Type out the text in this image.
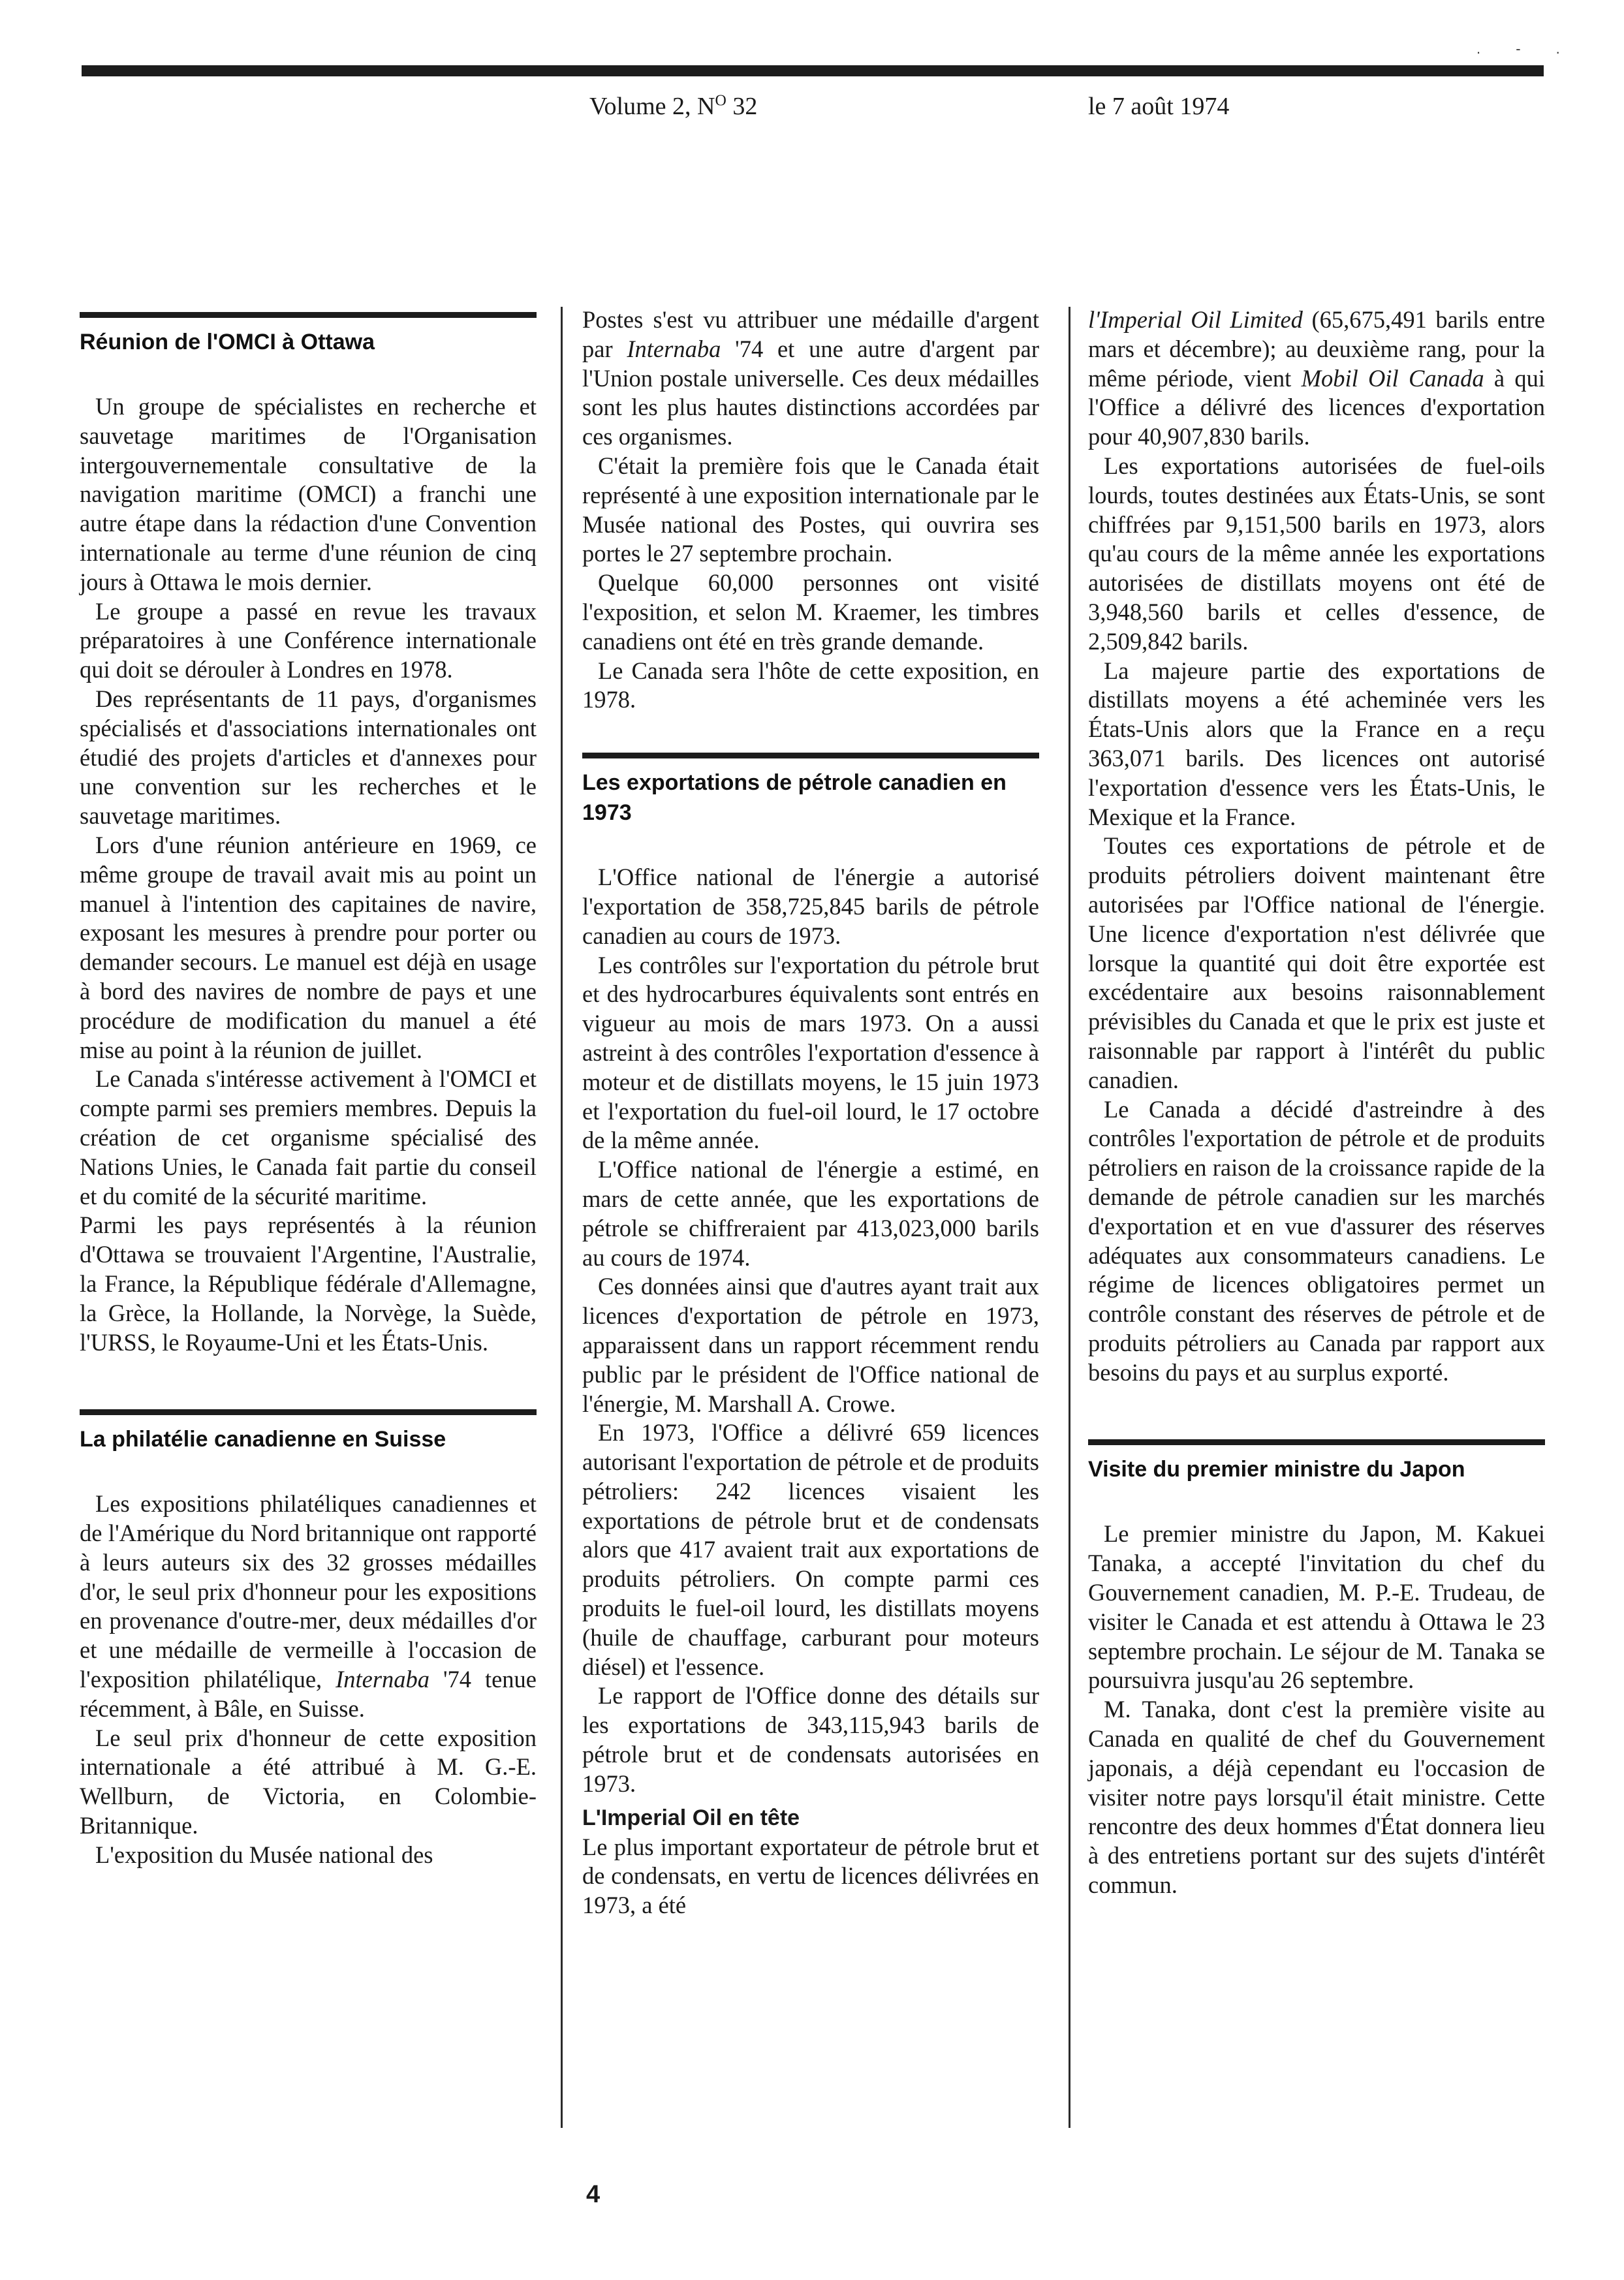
. - .
Volume 2, $N^O$ 32	le 7 août 1974
Réunion de l'OMCI à Ottawa

Un groupe de spécialistes en recherche et sauvetage maritimes de l'Organisation intergouvernementale consultative de la navigation maritime (OMCI) a franchi une autre étape dans la rédaction d'une Convention internationale au terme d'une réunion de cinq jours à Ottawa le mois dernier.

Le groupe a passé en revue les travaux préparatoires à une Conférence internationale qui doit se dérouler à Londres en 1978.

Des représentants de 11 pays, d'organismes spécialisés et d'associations internationales ont étudié des projets d'articles et d'annexes pour une convention sur les recherches et le sauvetage maritimes.

Lors d'une réunion antérieure en 1969, ce même groupe de travail avait mis au point un manuel à l'intention des capitaines de navire, exposant les mesures à prendre pour porter ou demander secours. Le manuel est déjà en usage à bord des navires de nombre de pays et une procédure de modification du manuel a été mise au point à la réunion de juillet.

Le Canada s'intéresse activement à l'OMCI et compte parmi ses premiers membres. Depuis la création de cet organisme spécialisé des Nations Unies, le Canada fait partie du conseil et du comité de la sécurité maritime.

Parmi les pays représentés à la réunion d'Ottawa se trouvaient l'Argentine, l'Australie, la France, la République fédérale d'Allemagne, la Grèce, la Hollande, la Norvège, la Suède, l'URSS, le Royaume-Uni et les États-Unis.

La philatélie canadienne en Suisse

Les expositions philatéliques canadiennes et de l'Amérique du Nord britannique ont rapporté à leurs auteurs six des 32 grosses médailles d'or, le seul prix d'honneur pour les expositions en provenance d'outre-mer, deux médailles d'or et une médaille de vermeille à l'occasion de l'exposition philatélique, Internaba '74 tenue récemment, à Bâle, en Suisse.

Le seul prix d'honneur de cette exposition internationale a été attribué à M. G.-E. Wellburn, de Victoria, en Colombie-Britannique.

L'exposition du Musée national des

Postes s'est vu attribuer une médaille d'argent par Internaba '74 et une autre d'argent par l'Union postale universelle. Ces deux médailles sont les plus hautes distinctions accordées par ces organismes.

C'était la première fois que le Canada était représenté à une exposition internationale par le Musée national des Postes, qui ouvrira ses portes le 27 septembre prochain.

Quelque 60,000 personnes ont visité l'exposition, et selon M. Kraemer, les timbres canadiens ont été en très grande demande.

Le Canada sera l'hôte de cette exposition, en 1978.

Les exportations de pétrole canadien en 1973

L'Office national de l'énergie a autorisé l'exportation de 358,725,845 barils de pétrole canadien au cours de 1973.

Les contrôles sur l'exportation du pétrole brut et des hydrocarbures équivalents sont entrés en vigueur au mois de mars 1973. On a aussi astreint à des contrôles l'exportation d'essence à moteur et de distillats moyens, le 15 juin 1973 et l'exportation du fuel-oil lourd, le 17 octobre de la même année.

L'Office national de l'énergie a estimé, en mars de cette année, que les exportations de pétrole se chiffreraient par 413,023,000 barils au cours de 1974.

Ces données ainsi que d'autres ayant trait aux licences d'exportation de pétrole en 1973, apparaissent dans un rapport récemment rendu public par le président de l'Office national de l'énergie, M. Marshall A. Crowe.

En 1973, l'Office a délivré 659 licences autorisant l'exportation de pétrole et de produits pétroliers: 242 licences visaient les exportations de pétrole brut et de condensats alors que 417 avaient trait aux exportations de produits pétroliers. On compte parmi ces produits le fuel-oil lourd, les distillats moyens (huile de chauffage, carburant pour moteurs diésel) et l'essence.

Le rapport de l'Office donne des détails sur les exportations de 343,115,943 barils de pétrole brut et de condensats autorisées en 1973.

L'Imperial Oil en tête

Le plus important exportateur de pétrole brut et de condensats, en vertu de licences délivrées en 1973, a été

l'Imperial Oil Limited (65,675,491 barils entre mars et décembre); au deuxième rang, pour la même période, vient Mobil Oil Canada à qui l'Office a délivré des licences d'exportation pour 40,907,830 barils.

Les exportations autorisées de fuel-oils lourds, toutes destinées aux États-Unis, se sont chiffrées par 9,151,500 barils en 1973, alors qu'au cours de la même année les exportations autorisées de distillats moyens ont été de 3,948,560 barils et celles d'essence, de 2,509,842 barils.

La majeure partie des exportations de distillats moyens a été acheminée vers les États-Unis alors que la France en a reçu 363,071 barils. Des licences ont autorisé l'exportation d'essence vers les États-Unis, le Mexique et la France.

Toutes ces exportations de pétrole et de produits pétroliers doivent maintenant être autorisées par l'Office national de l'énergie. Une licence d'exportation n'est délivrée que lorsque la quantité qui doit être exportée est excédentaire aux besoins raisonnablement prévisibles du Canada et que le prix est juste et raisonnable par rapport à l'intérêt du public canadien.

Le Canada a décidé d'astreindre à des contrôles l'exportation de pétrole et de produits pétroliers en raison de la croissance rapide de la demande de pétrole canadien sur les marchés d'exportation et en vue d'assurer des réserves adéquates aux consommateurs canadiens. Le régime de licences obligatoires permet un contrôle constant des réserves de pétrole et de produits pétroliers au Canada par rapport aux besoins du pays et au surplus exporté.

Visite du premier ministre du Japon

Le premier ministre du Japon, M. Kakuei Tanaka, a accepté l'invitation du chef du Gouvernement canadien, M. P.-E. Trudeau, de visiter le Canada et est attendu à Ottawa le 23 septembre prochain. Le séjour de M. Tanaka se poursuivra jusqu'au 26 septembre.

M. Tanaka, dont c'est la première visite au Canada en qualité de chef du Gouvernement japonais, a déjà cependant eu l'occasion de visiter notre pays lorsqu'il était ministre. Cette rencontre des deux hommes d'État donnera lieu à des entretiens portant sur des sujets d'intérêt commun.

4
